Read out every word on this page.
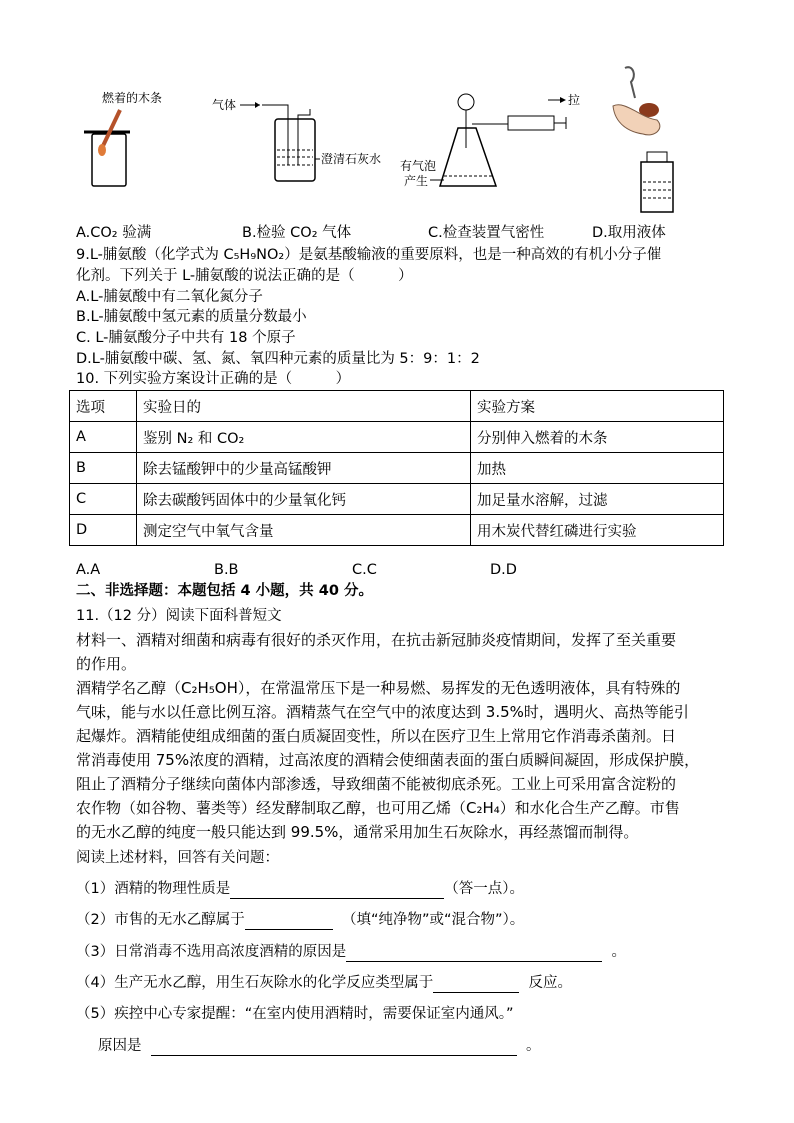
燃着的木条	气体
澄清石灰水
拉
有气泡
产生
A.CO₂ 验满	B.检验 CO₂ 气体	C.检查装置气密性	D.取用液体
9.L-脯氨酸（化学式为 C₅H₉NO₂）是氨基酸输液的重要原料，也是一种高效的有机小分子催
化剂。下列关于 L-脯氨酸的说法正确的是（　　　）
A.L-脯氨酸中有二氧化氮分子
B.L-脯氨酸中氢元素的质量分数最小
C. L-脯氨酸分子中共有 18 个原子
D.L-脯氨酸中碳、氢、氮、氧四种元素的质量比为 5：9：1：2
10. 下列实验方案设计正确的是（　　　）
选项	实验日的	实验方案
A	鉴别 N₂ 和 CO₂	分别伸入燃着的木条
B	除去锰酸钾中的少量高锰酸钾	加热
C	除去碳酸钙固体中的少量氧化钙	加足量水溶解，过滤
D	测定空气中氧气含量	用木炭代替红磷进行实验
A.A	B.B	C.C	D.D
二、非选择题：本题包括 4 小题，共 40 分。
11.（12 分）阅读下面科普短文
材料一、酒精对细菌和病毒有很好的杀灭作用，在抗击新冠肺炎疫情期间，发挥了至关重要
的作用。
酒精学名乙醇（C₂H₅OH），在常温常压下是一种易燃、易挥发的无色透明液体，具有特殊的
气味，能与水以任意比例互溶。酒精蒸气在空气中的浓度达到 3.5%时，遇明火、高热等能引
起爆炸。酒精能使组成细菌的蛋白质凝固变性，所以在医疗卫生上常用它作消毒杀菌剂。日
常消毒使用 75%浓度的酒精，过高浓度的酒精会使细菌表面的蛋白质瞬间凝固，形成保护膜，
阻止了酒精分子继续向菌体内部渗透，导致细菌不能被彻底杀死。工业上可采用富含淀粉的
农作物（如谷物、薯类等）经发酵制取乙醇，也可用乙烯（C₂H₄）和水化合生产乙醇。市售
的无水乙醇的纯度一般只能达到 99.5%，通常采用加生石灰除水，再经蒸馏而制得。
阅读上述材料，回答有关问题：
（1）酒精的物理性质是	（答一点）。
（2）市售的无水乙醇属于	（填“纯净物”或“混合物”）。
（3）日常消毒不选用高浓度酒精的原因是	。
（4）生产无水乙醇，用生石灰除水的化学反应类型属于	反应。
（5）疾控中心专家提醒：“在室内使用酒精时，需要保证室内通风。”
原因是	。
